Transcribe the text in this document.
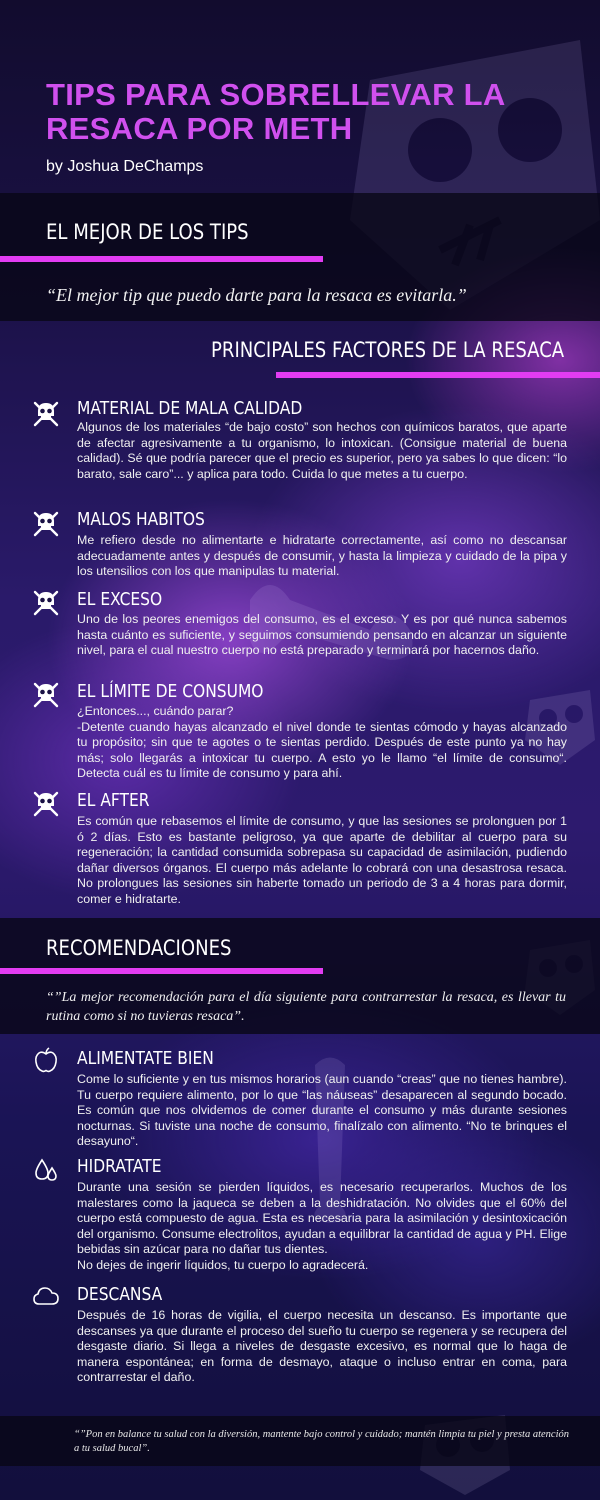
TIPS PARA SOBRELLEVAR LA RESACA POR METH
by Joshua DeChamps
EL MEJOR DE LOS TIPS
“El mejor tip que puedo darte para la resaca es evitarla.”
PRINCIPALES FACTORES DE LA RESACA
MATERIAL DE MALA CALIDAD

Algunos de los materiales “de bajo costo” son hechos con químicos baratos, que aparte de afectar agresivamente a tu organismo, lo intoxican. (Consigue material de buena calidad). Sé que podría parecer que el precio es superior, pero ya sabes lo que dicen: “lo barato, sale caro”... y aplica para todo. Cuida lo que metes a tu cuerpo.

MALOS HABITOS

Me refiero desde no alimentarte e hidratarte correctamente, así como no descansar adecuadamente antes y después de consumir, y hasta la limpieza y cuidado de la pipa y los utensilios con los que manipulas tu material.

EL EXCESO

Uno de los peores enemigos del consumo, es el exceso. Y es por qué nunca sabemos hasta cuánto es suficiente, y seguimos consumiendo pensando en alcanzar un siguiente nivel, para el cual nuestro cuerpo no está preparado y terminará por hacernos daño.

EL LÍMITE DE CONSUMO

¿Entonces..., cuándo parar?
-Detente cuando hayas alcanzado el nivel donde te sientas cómodo y hayas alcanzado tu propósito; sin que te agotes o te sientas perdido. Después de este punto ya no hay más; solo llegarás a intoxicar tu cuerpo. A esto yo le llamo “el límite de consumo“. Detecta cuál es tu límite de consumo y para ahí.

EL AFTER

Es común que rebasemos el límite de consumo, y que las sesiones se prolonguen por 1 ó 2 días. Esto es bastante peligroso, ya que aparte de debilitar al cuerpo para su regeneración; la cantidad consumida sobrepasa su capacidad de asimilación, pudiendo dañar diversos órganos. El cuerpo más adelante lo cobrará con una desastrosa resaca. No prolongues las sesiones sin haberte tomado un periodo de 3 a 4 horas para dormir, comer e hidratarte.

RECOMENDACIONES

“”La mejor recomendación para el día siguiente para contrarrestar la resaca, es llevar tu rutina como si no tuvieras resaca”.

ALIMENTATE BIEN

Come lo suficiente y en tus mismos horarios (aun cuando “creas” que no tienes hambre). Tu cuerpo requiere alimento, por lo que “las náuseas” desaparecen al segundo bocado. Es común que nos olvidemos de comer durante el consumo y más durante sesiones nocturnas. Si tuviste una noche de consumo, finalízalo con alimento. “No te brinques el desayuno“.

HIDRATATE

Durante una sesión se pierden líquidos, es necesario recuperarlos. Muchos de los malestares como la jaqueca se deben a la deshidratación. No olvides que el 60% del cuerpo está compuesto de agua. Esta es necesaria para la asimilación y desintoxicación del organismo. Consume electrolitos, ayudan a equilibrar la cantidad de agua y PH. Elige bebidas sin azúcar para no dañar tus dientes.
No dejes de ingerir líquidos, tu cuerpo lo agradecerá.

DESCANSA

Después de 16 horas de vigilia, el cuerpo necesita un descanso. Es importante que descanses ya que durante el proceso del sueño tu cuerpo se regenera y se recupera del desgaste diario. Si llega a niveles de desgaste excesivo, es normal que lo haga de manera espontánea; en forma de desmayo, ataque o incluso entrar en coma, para contrarrestar el daño.

“”Pon en balance tu salud con la diversión, mantente bajo control y cuidado; mantén limpia tu piel y presta atención a tu salud bucal”.
